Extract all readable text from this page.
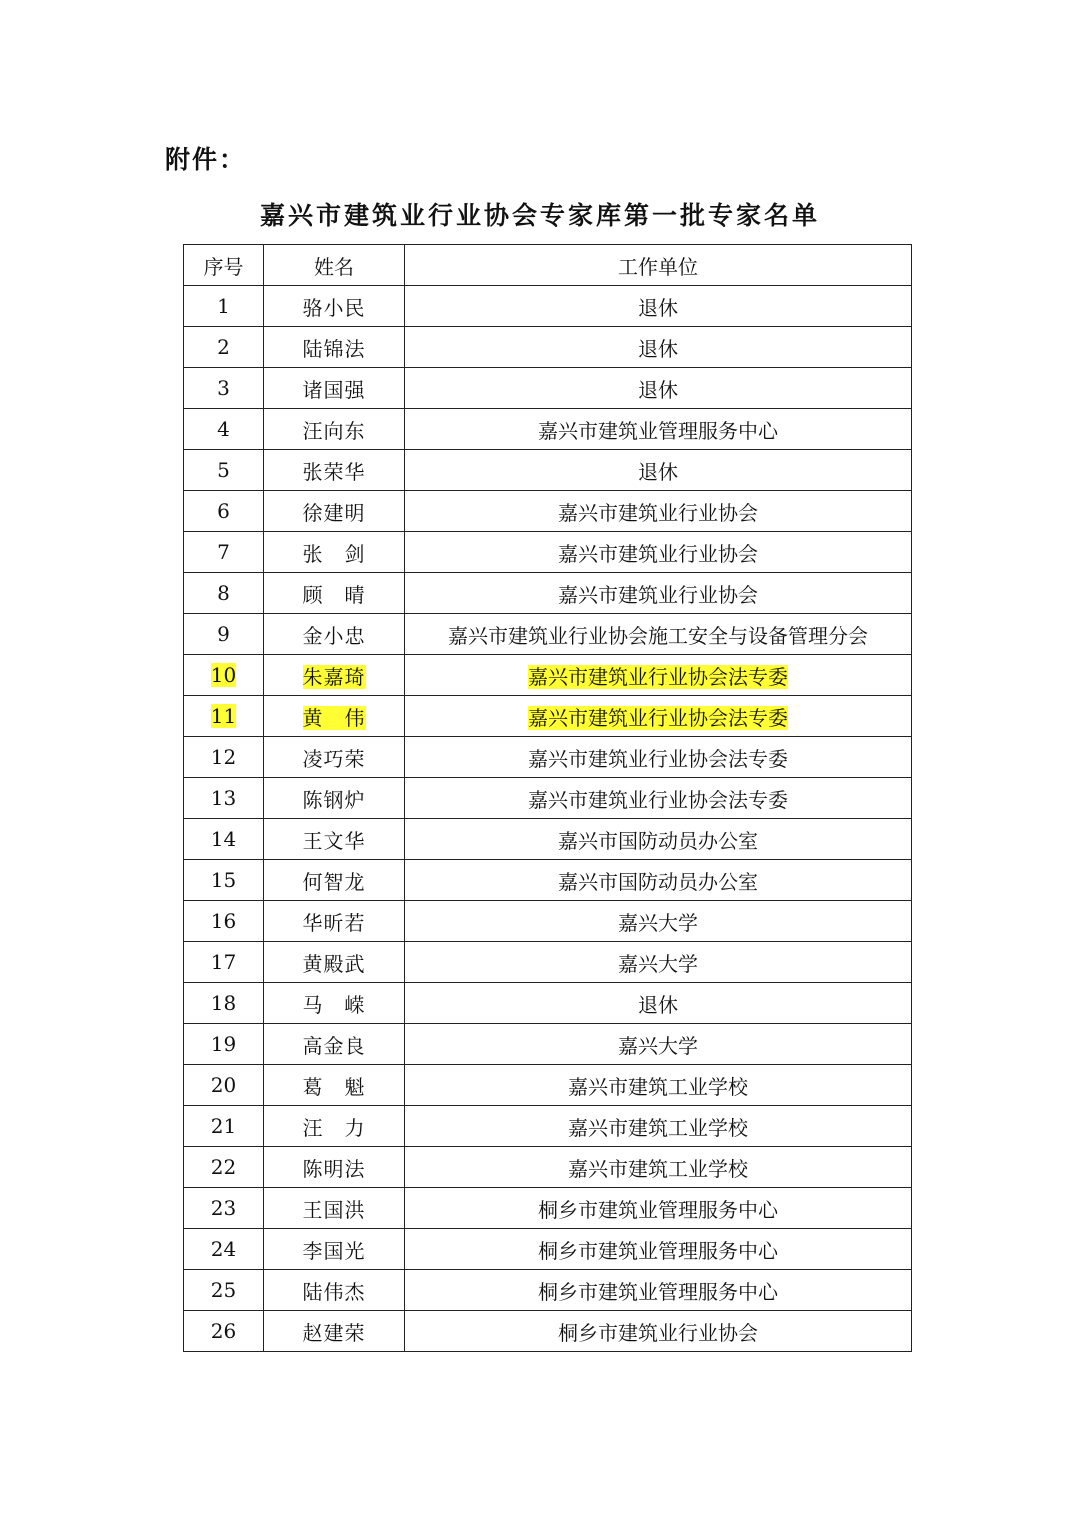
附件：
嘉兴市建筑业行业协会专家库第一批专家名单
序号	姓名	工作单位
1	骆小民	退休
2	陆锦法	退休
3	诸国强	退休
4	汪向东	嘉兴市建筑业管理服务中心
5	张荣华	退休
6	徐建明	嘉兴市建筑业行业协会
7	张　剑	嘉兴市建筑业行业协会
8	顾　晴	嘉兴市建筑业行业协会
9	金小忠	嘉兴市建筑业行业协会施工安全与设备管理分会
10	朱嘉琦	嘉兴市建筑业行业协会法专委
11	黄　伟	嘉兴市建筑业行业协会法专委
12	凌巧荣	嘉兴市建筑业行业协会法专委
13	陈钢炉	嘉兴市建筑业行业协会法专委
14	王文华	嘉兴市国防动员办公室
15	何智龙	嘉兴市国防动员办公室
16	华昕若	嘉兴大学
17	黄殿武	嘉兴大学
18	马　嵘	退休
19	高金良	嘉兴大学
20	葛　魁	嘉兴市建筑工业学校
21	汪　力	嘉兴市建筑工业学校
22	陈明法	嘉兴市建筑工业学校
23	王国洪	桐乡市建筑业管理服务中心
24	李国光	桐乡市建筑业管理服务中心
25	陆伟杰	桐乡市建筑业管理服务中心
26	赵建荣	桐乡市建筑业行业协会
